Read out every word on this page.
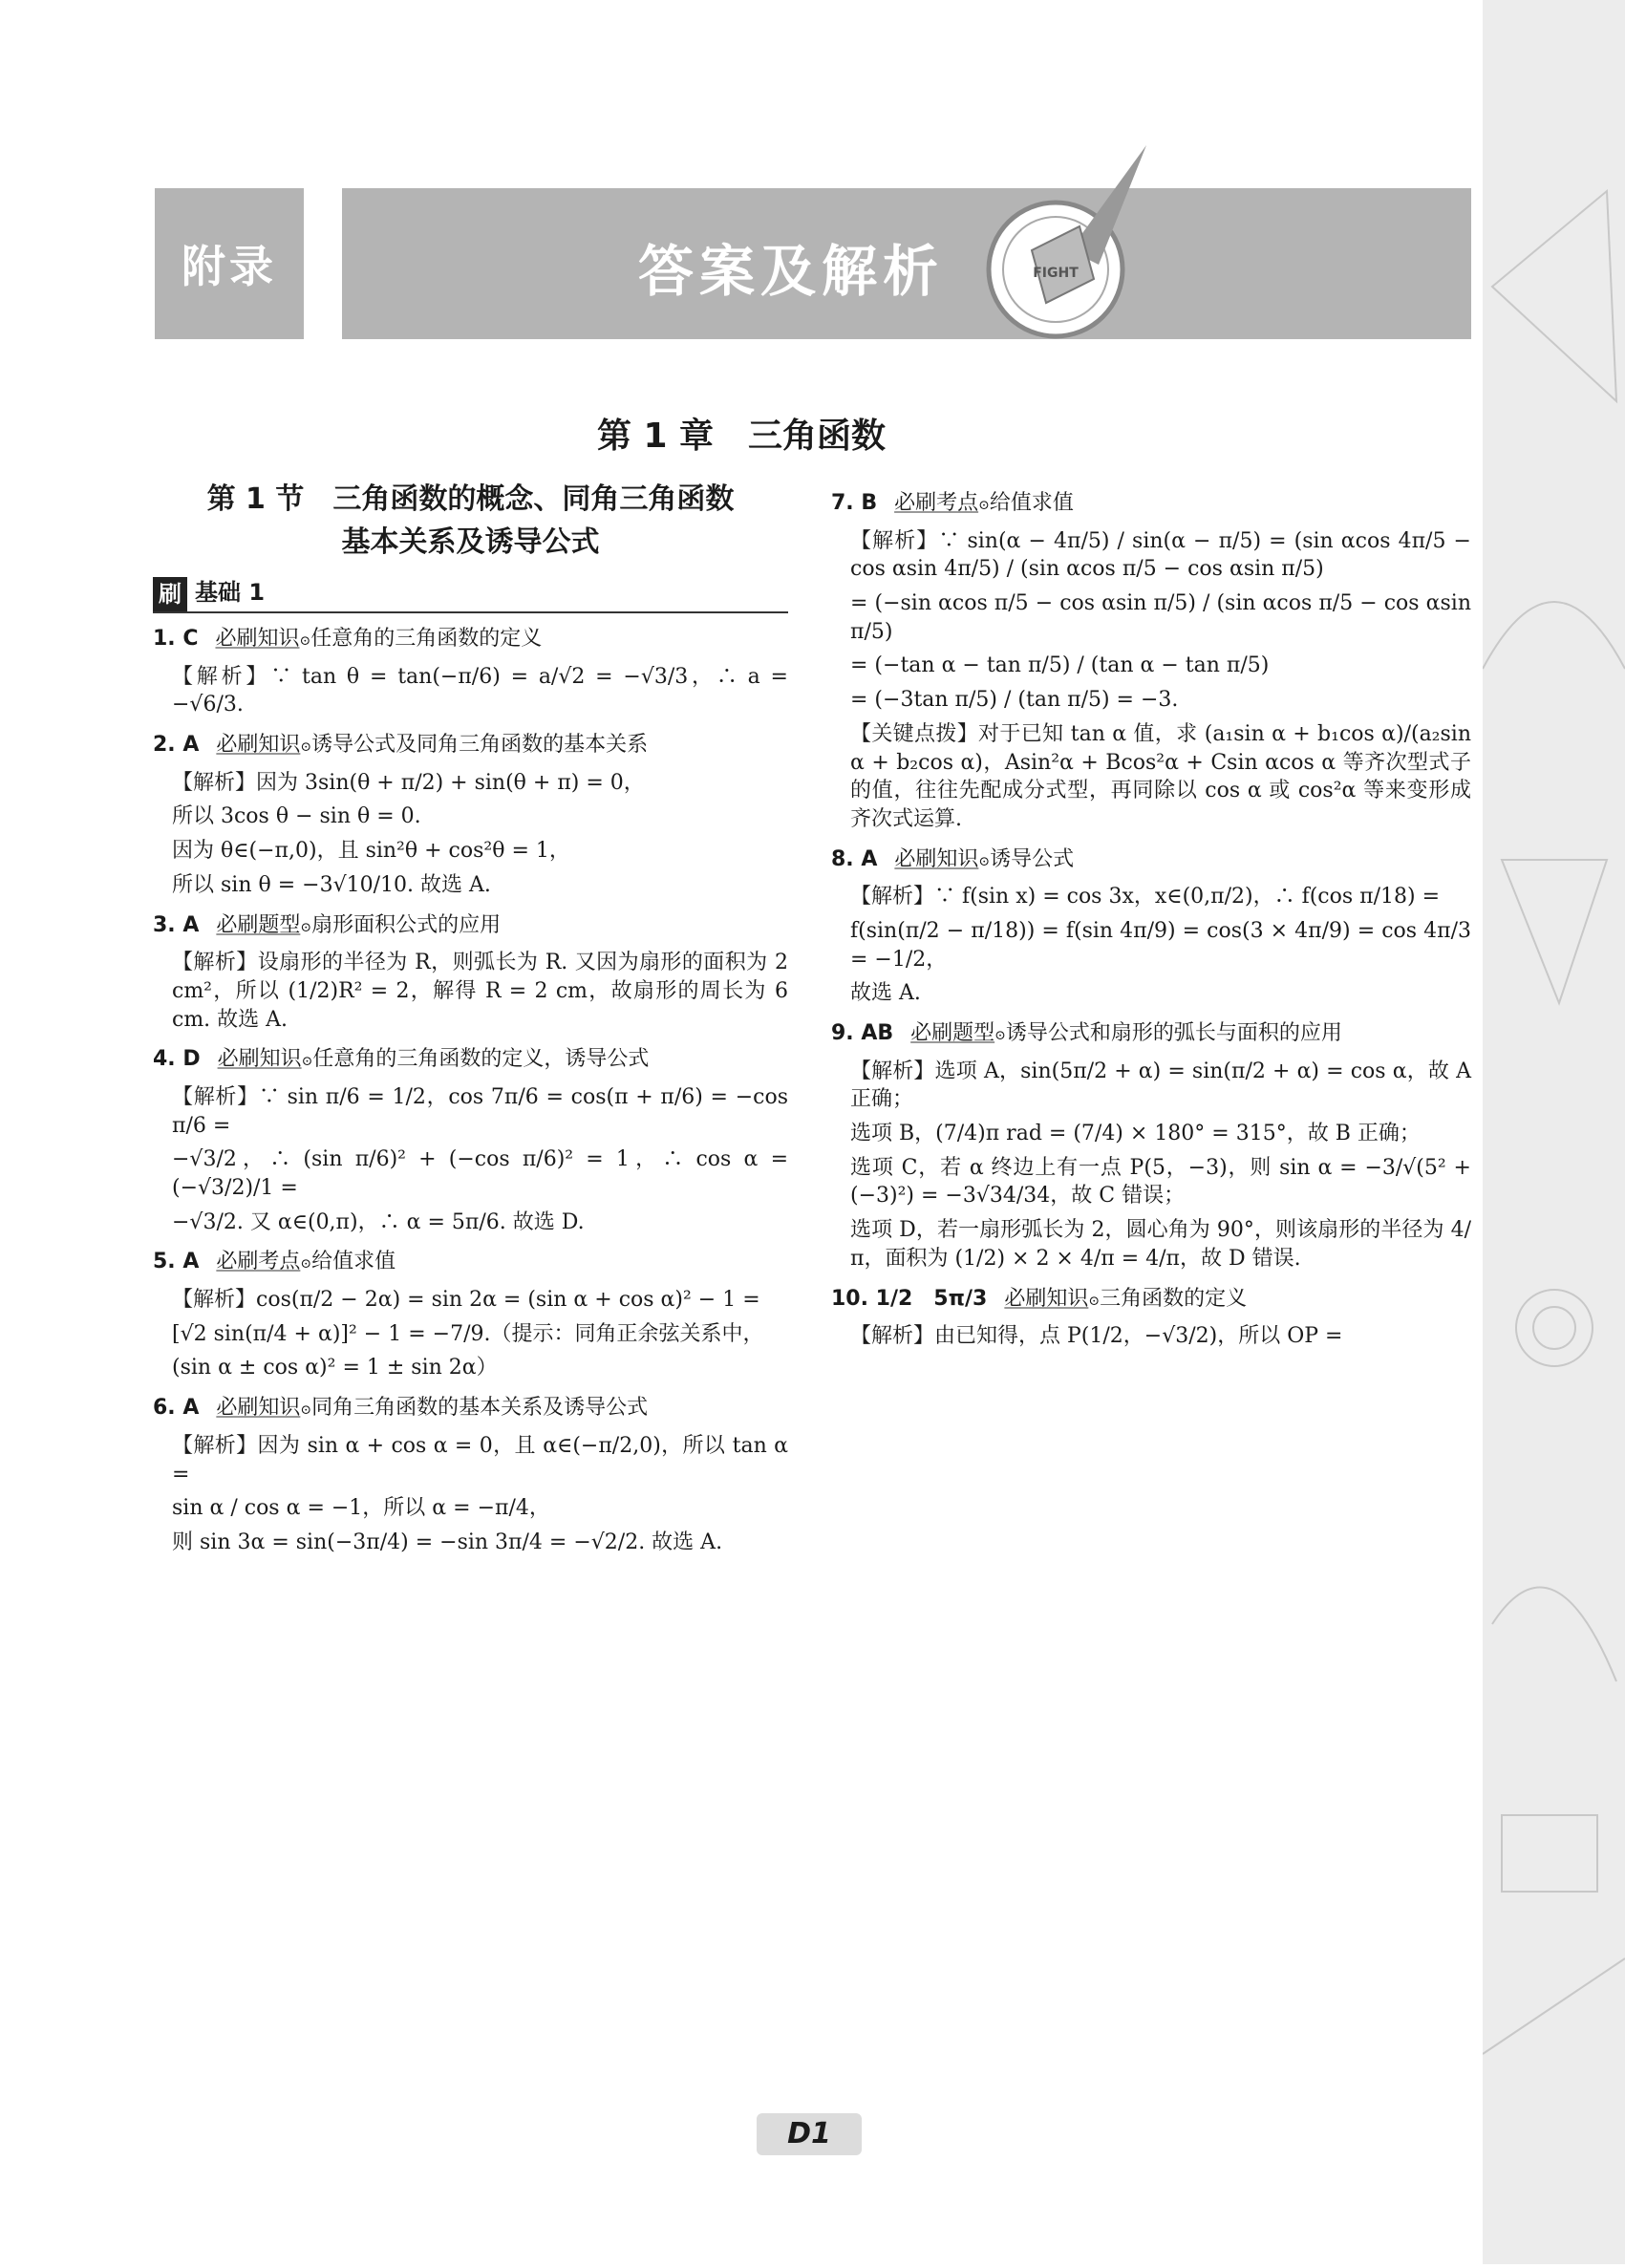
附录	答案及解析	FIGHT
第 1 章　三角函数
第 1 节　三角函数的概念、同角三角函数
基本关系及诱导公式
刷 基础 1
1. C 必刷知识⊙任意角的三角函数的定义
【解析】∵ tan θ = tan(−π/6) = a/√2 = −√3/3，∴ a = −√6/3.
2. A 必刷知识⊙诱导公式及同角三角函数的基本关系
【解析】因为 3sin(θ + π/2) + sin(θ + π) = 0，
所以 3cos θ − sin θ = 0.
因为 θ∈(−π,0)，且 sin²θ + cos²θ = 1，
所以 sin θ = −3√10/10. 故选 A.
3. A 必刷题型⊙扇形面积公式的应用
【解析】设扇形的半径为 R，则弧长为 R. 又因为扇形的面积为 2 cm²，所以 (1/2)R² = 2，解得 R = 2 cm，故扇形的周长为 6 cm. 故选 A.
4. D 必刷知识⊙任意角的三角函数的定义，诱导公式
【解析】∵ sin π/6 = 1/2，cos 7π/6 = cos(π + π/6) = −cos π/6 =
−√3/2，∴ (sin π/6)² + (−cos π/6)² = 1，∴ cos α = (−√3/2)/1 =
−√3/2. 又 α∈(0,π)，∴ α = 5π/6. 故选 D.
5. A 必刷考点⊙给值求值
【解析】cos(π/2 − 2α) = sin 2α = (sin α + cos α)² − 1 =
[√2 sin(π/4 + α)]² − 1 = −7/9.（提示：同角正余弦关系中，
(sin α ± cos α)² = 1 ± sin 2α）
6. A 必刷知识⊙同角三角函数的基本关系及诱导公式
【解析】因为 sin α + cos α = 0，且 α∈(−π/2,0)，所以 tan α =
sin α / cos α = −1，所以 α = −π/4，
则 sin 3α = sin(−3π/4) = −sin 3π/4 = −√2/2. 故选 A.
7. B 必刷考点⊙给值求值
【解析】∵ sin(α − 4π/5) / sin(α − π/5) = (sin αcos 4π/5 − cos αsin 4π/5) / (sin αcos π/5 − cos αsin π/5)
= (−sin αcos π/5 − cos αsin π/5) / (sin αcos π/5 − cos αsin π/5)
= (−tan α − tan π/5) / (tan α − tan π/5)
= (−3tan π/5) / (tan π/5) = −3.
【关键点拨】对于已知 tan α 值，求 (a₁sin α + b₁cos α)/(a₂sin α + b₂cos α)，Asin²α + Bcos²α + Csin αcos α 等齐次型式子的值，往往先配成分式型，再同除以 cos α 或 cos²α 等来变形成齐次式运算.
8. A 必刷知识⊙诱导公式
【解析】∵ f(sin x) = cos 3x，x∈(0,π/2)，∴ f(cos π/18) =
f(sin(π/2 − π/18)) = f(sin 4π/9) = cos(3 × 4π/9) = cos 4π/3 = −1/2，
故选 A.
9. AB 必刷题型⊙诱导公式和扇形的弧长与面积的应用
【解析】选项 A，sin(5π/2 + α) = sin(π/2 + α) = cos α，故 A 正确；
选项 B，(7/4)π rad = (7/4) × 180° = 315°，故 B 正确；
选项 C，若 α 终边上有一点 P(5，−3)，则 sin α = −3/√(5² + (−3)²) = −3√34/34，故 C 错误；
选项 D，若一扇形弧长为 2，圆心角为 90°，则该扇形的半径为 4/π，面积为 (1/2) × 2 × 4/π = 4/π，故 D 错误.
10. 1/2　5π/3 必刷知识⊙三角函数的定义
【解析】由已知得，点 P(1/2，−√3/2)，所以 OP =
D1
